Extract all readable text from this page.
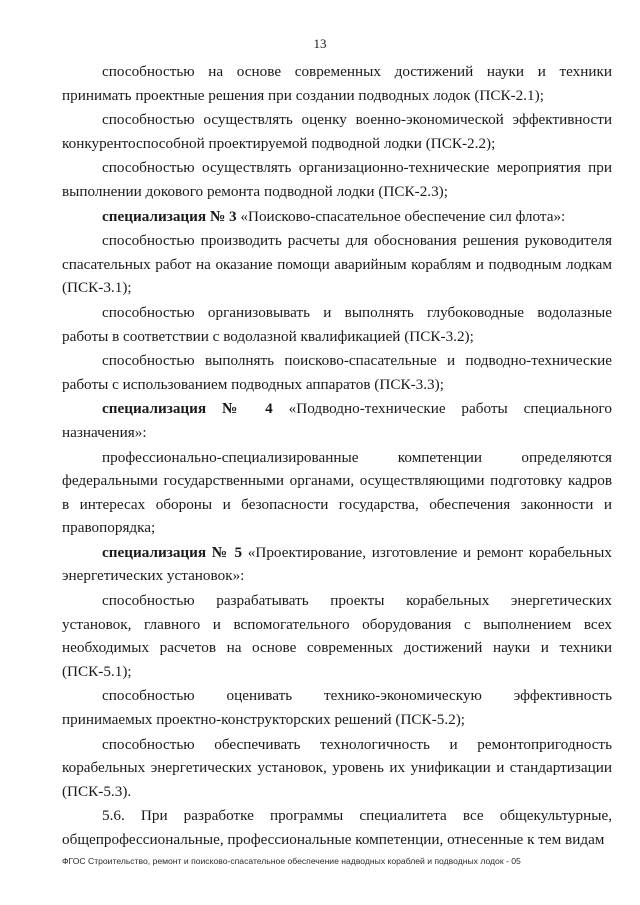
13

способностью на основе современных достижений науки и техники принимать проектные решения при создании подводных лодок (ПСК-2.1);

способностью осуществлять оценку военно-экономической эффективности конкурентоспособной проектируемой подводной лодки (ПСК-2.2);

способностью осуществлять организационно-технические мероприятия при выполнении докового ремонта подводной лодки (ПСК-2.3);

специализация № 3 «Поисково-спасательное обеспечение сил флота»:

способностью производить расчеты для обоснования решения руководителя спасательных работ на оказание помощи аварийным кораблям и подводным лодкам (ПСК-3.1);

способностью организовывать и выполнять глубоководные водолазные работы в соответствии с водолазной квалификацией (ПСК-3.2);

способностью выполнять поисково-спасательные и подводно-технические работы с использованием подводных аппаратов (ПСК-3.3);

специализация № 4 «Подводно-технические работы специального назначения»:

профессионально-специализированные компетенции определяются федеральными государственными органами, осуществляющими подготовку кадров в интересах обороны и безопасности государства, обеспечения законности и правопорядка;

специализация № 5 «Проектирование, изготовление и ремонт корабельных энергетических установок»:

способностью разрабатывать проекты корабельных энергетических установок, главного и вспомогательного оборудования с выполнением всех необходимых расчетов на основе современных достижений науки и техники (ПСК-5.1);

способностью оценивать технико-экономическую эффективность принимаемых проектно-конструкторских решений (ПСК-5.2);

способностью обеспечивать технологичность и ремонтопригодность корабельных энергетических установок, уровень их унификации и стандартизации (ПСК-5.3).

5.6. При разработке программы специалитета все общекультурные, общепрофессиональные, профессиональные компетенции, отнесенные к тем видам

ФГОС Строительство, ремонт и поисково-спасательное обеспечение надводных кораблей и подводных лодок - 05
